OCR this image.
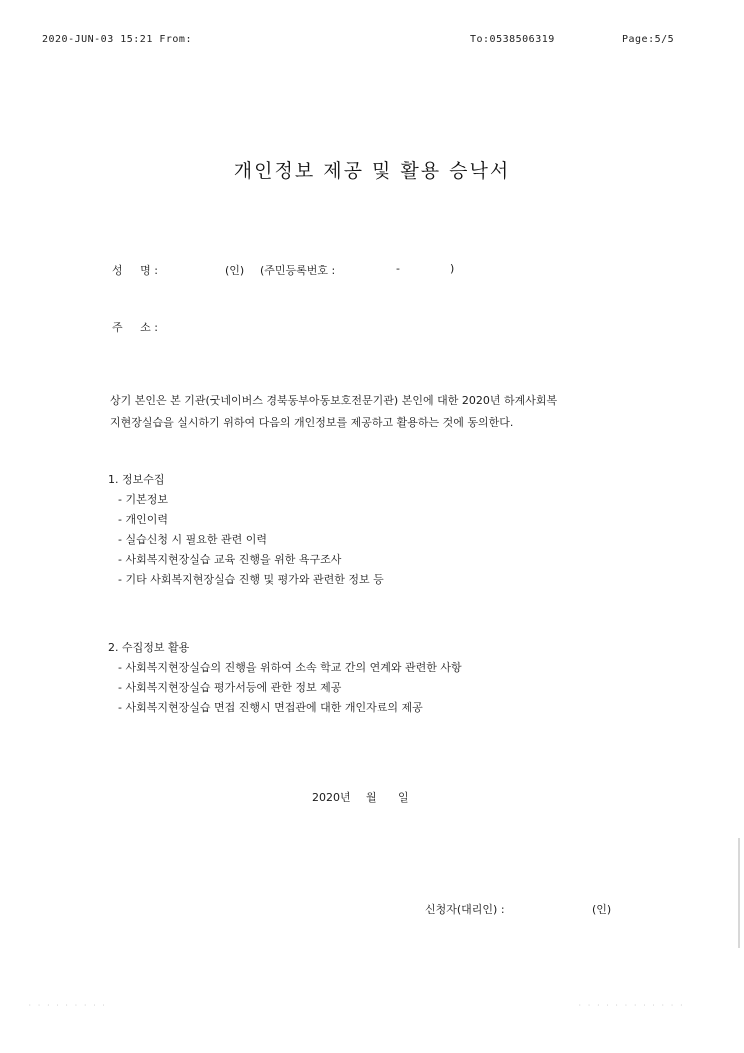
2020-JUN-03 15:21 From:	To:0538506319	Page:5/5
개인정보 제공 및 활용 승낙서
성     명 :	(인) (주민등록번호 :	-	)
주     소 :
상기 본인은 본 기관(굿네이버스 경북동부아동보호전문기관) 본인에 대한 2020년 하계사회복
지현장실습을 실시하기 위하여 다음의 개인정보를 제공하고 활용하는 것에 동의한다.
1. 정보수집
- 기본정보
- 개인이력
- 실습신청 시 필요한 관련 이력
- 사회복지현장실습 교육 진행을 위한 욕구조사
- 기타 사회복지현장실습 진행 및 평가와 관련한 정보 등
2. 수집정보 활용
- 사회복지현장실습의 진행을 위하여 소속 학교 간의 연계와 관련한 사항
- 사회복지현장실습 평가서등에 관한 정보 제공
- 사회복지현장실습 면접 진행시 면접관에 대한 개인자료의 제공
2020년 월 일
신청자(대리인) :	(인)
· · · · · · · · ·	· · · · · · · · · · · ·
